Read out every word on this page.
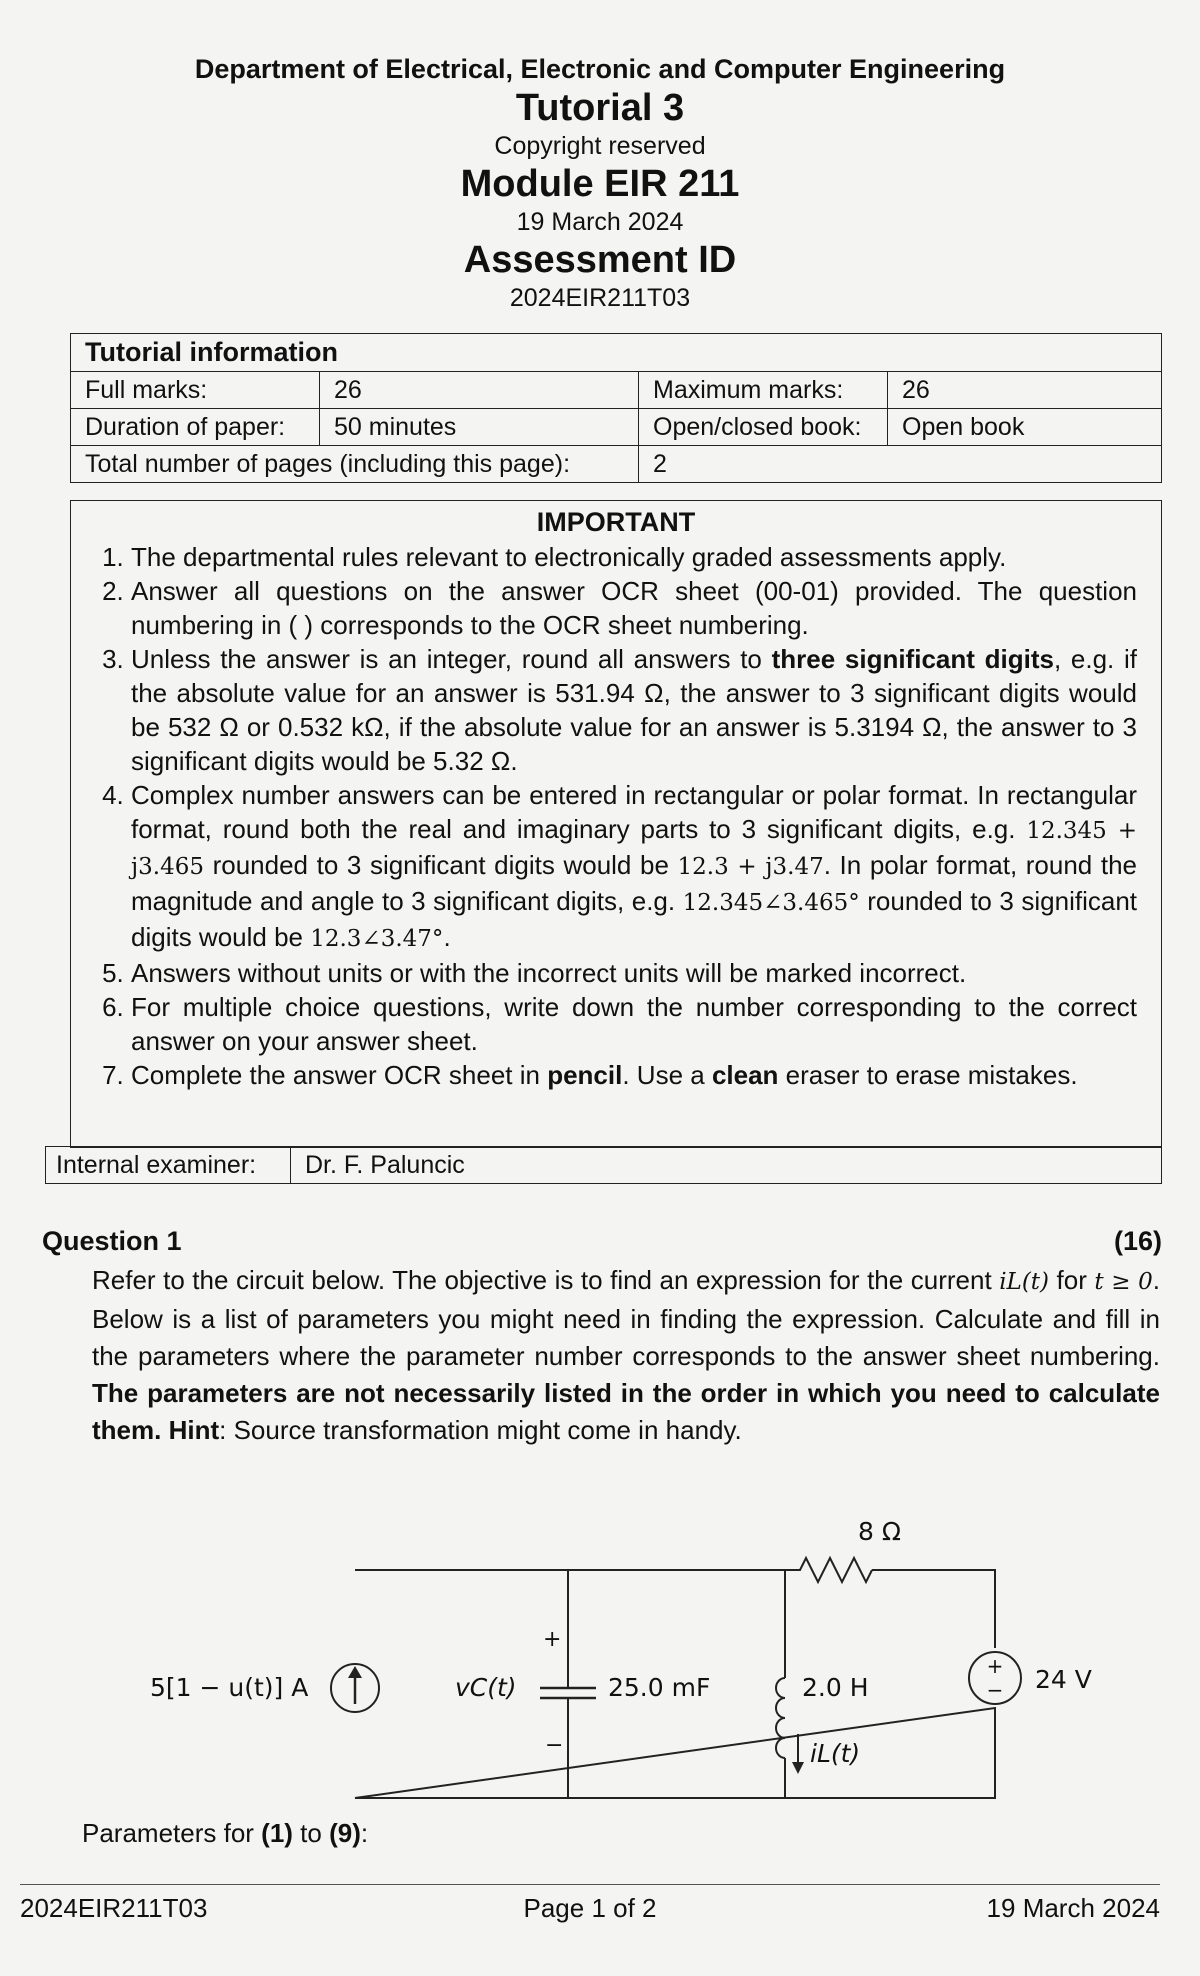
Department of Electrical, Electronic and Computer Engineering
Tutorial 3
Copyright reserved
Module EIR 211
19 March 2024
Assessment ID
2024EIR211T03
Tutorial information			
Full marks:	26	Maximum marks:	26
Duration of paper:	50 minutes	Open/closed book:	Open book
Total number of pages (including this page):		2	
IMPORTANT
1. The departmental rules relevant to electronically graded assessments apply.
2. Answer all questions on the answer OCR sheet (00-01) provided. The question numbering in ( ) corresponds to the OCR sheet numbering.
3. Unless the answer is an integer, round all answers to three significant digits, e.g. if the absolute value for an answer is 531.94 Ω, the answer to 3 significant digits would be 532 Ω or 0.532 kΩ, if the absolute value for an answer is 5.3194 Ω, the answer to 3 significant digits would be 5.32 Ω.
4. Complex number answers can be entered in rectangular or polar format. In rectangular format, round both the real and imaginary parts to 3 significant digits, e.g. 12.345 + j3.465 rounded to 3 significant digits would be 12.3 + j3.47. In polar format, round the magnitude and angle to 3 significant digits, e.g. 12.345∠3.465° rounded to 3 significant digits would be 12.3∠3.47°.
5. Answers without units or with the incorrect units will be marked incorrect.
6. For multiple choice questions, write down the number corresponding to the correct answer on your answer sheet.
7. Complete the answer OCR sheet in pencil. Use a clean eraser to erase mistakes.
Internal examiner:	Dr. F. Paluncic
Question 1	(16)
Refer to the circuit below. The objective is to find an expression for the current iL(t) for t ≥ 0. Below is a list of parameters you might need in finding the expression. Calculate and fill in the parameters where the parameter number corresponds to the answer sheet numbering. The parameters are not necessarily listed in the order in which you need to calculate them. Hint: Source transformation might come in handy.
+
−
5[1 − u(t)] A	vC(t)
+
−
25.0 mF	2.0 H
iL(t)
8 Ω
24 V
Parameters for (1) to (9):
2024EIR211T03	Page 1 of 2	19 March 2024
